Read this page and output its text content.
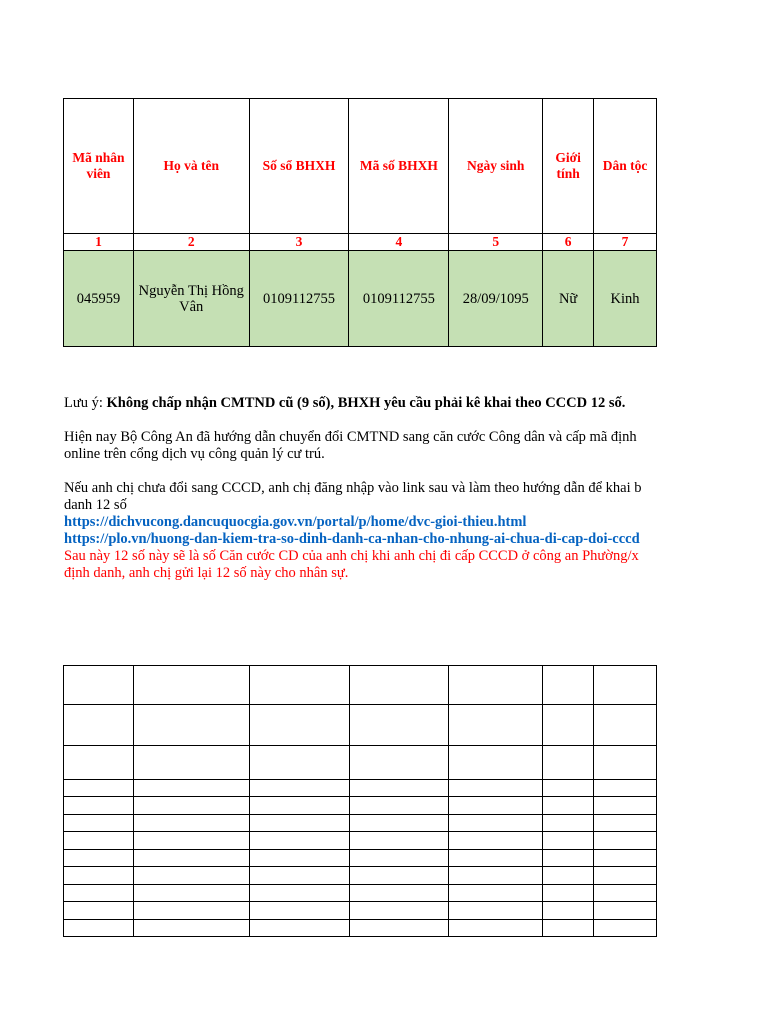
Mã nhân viên	Họ và tên	Số sổ BHXH	Mã số BHXH	Ngày sinh	Giới tính	Dân tộc
1	2	3	4	5	6	7
045959	Nguyễn Thị Hồng Vân	0109112755	0109112755	28/09/1095	Nữ	Kinh

Lưu ý: Không chấp nhận CMTND cũ (9 số), BHXH yêu cầu phải kê khai theo CCCD 12 số.

Hiện nay Bộ Công An đã hướng dẫn chuyển đổi CMTND sang căn cước Công dân và cấp mã định

online trên cổng dịch vụ công quản lý cư trú.

Nếu anh chị chưa đổi sang CCCD, anh chị đăng nhập vào link sau và làm theo hướng dẫn để khai b

danh 12 số

https://dichvucong.dancuquocgia.gov.vn/portal/p/home/dvc-gioi-thieu.html

https://plo.vn/huong-dan-kiem-tra-so-dinh-danh-ca-nhan-cho-nhung-ai-chua-di-cap-doi-cccd

Sau này 12 số này sẽ là số Căn cước CD của anh chị khi anh chị đi cấp CCCD ở công an Phường/x

định danh, anh chị gửi lại 12 số này cho nhân sự.
